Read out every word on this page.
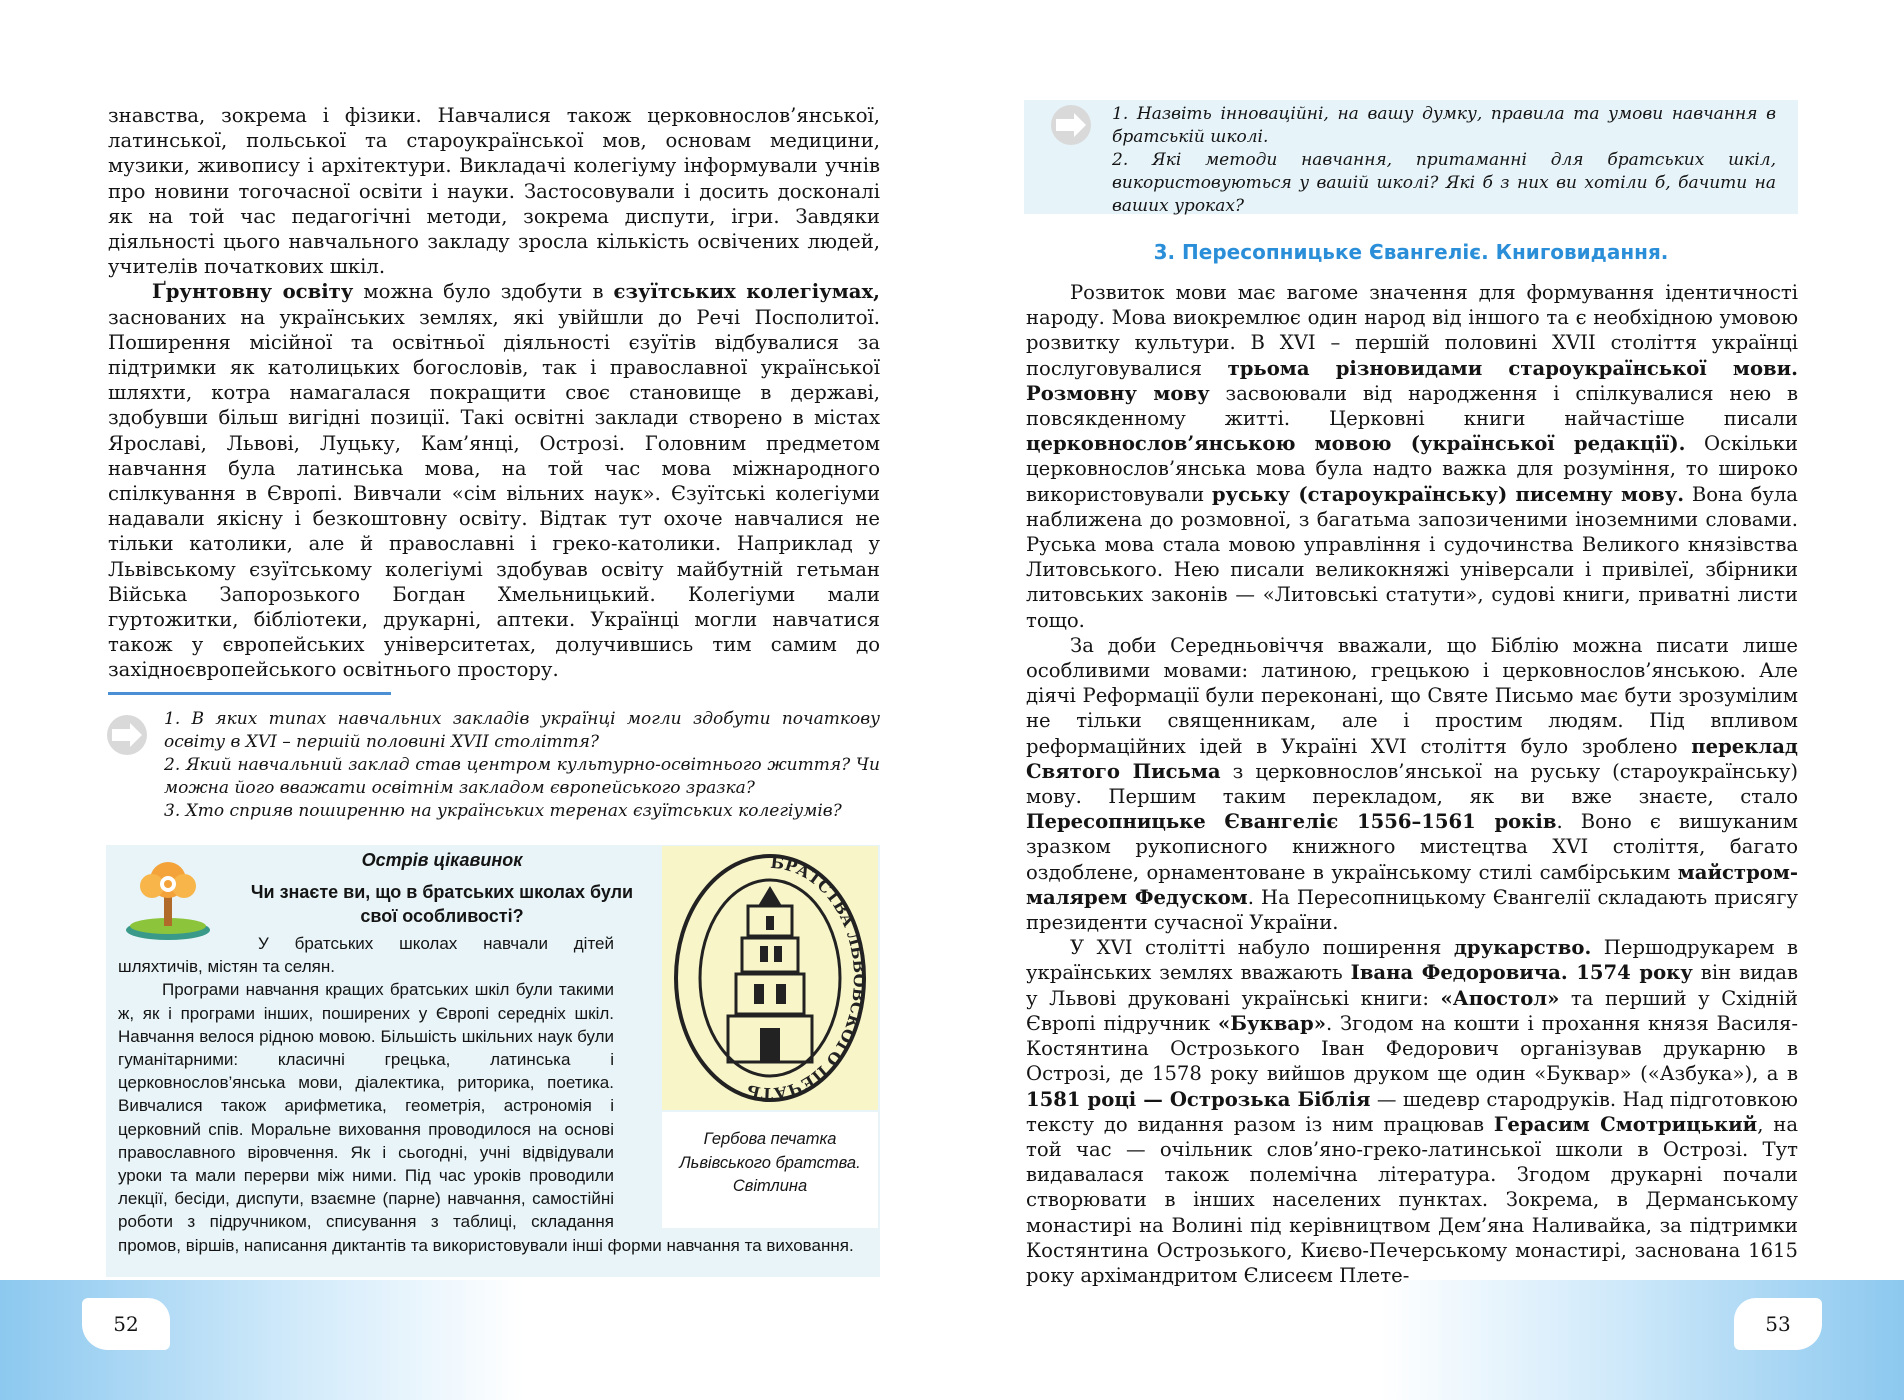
52	53

знавства, зокрема і фізики. Навчалися також церковнослов’янської, латинської, польської та староукраїнської мов, основам медицини, музики, живопису і архітектури. Викладачі колегіуму інформували учнів про новини тогочасної освіти і науки. Застосовували і досить досконалі як на той час педагогічні методи, зокрема диспути, ігри. Завдяки діяльності цього навчального закладу зросла кількість освічених людей, учителів початкових шкіл.

Ґрунтовну освіту можна було здобути в єзуїтських колегіумах, заснованих на українських землях, які увійшли до Речі Посполитої. Поширення місійної та освітньої діяльності єзуїтів відбувалися за підтримки як католицьких богословів, так і православної української шляхти, котра намагалася покращити своє становище в державі, здобувши більш вигідні позиції. Такі освітні заклади створено в містах Ярославі, Львові, Луцьку, Кам’янці, Острозі. Головним предметом навчання була латинська мова, на той час мова міжнародного спілкування в Європі. Вивчали «сім вільних наук». Єзуїтські колегіуми надавали якісну і безкоштовну освіту. Відтак тут охоче навчалися не тільки католики, але й православні і греко-католики. Наприклад у Львівському єзуїтському колегіумі здобував освіту майбутній гетьман Війська Запорозького Богдан Хмельницький. Колегіуми мали гуртожитки, бібліотеки, друкарні, аптеки. Українці могли навчатися також у європейських університетах, долучившись тим самим до західноєвропейського освітнього простору.

1. В яких типах навчальних закладів українці могли здобути початкову освіту в XVI – першій половині XVII століття?

2. Який навчальний заклад став центром культурно-освітнього життя? Чи можна його вважати освітнім закладом європейського зразка?

3. Хто сприяв поширенню на українських теренах єзуїтських колегіумів?

Острів цікавинок
Чи знаєте ви, що в братських школах були свої особливості?
БРАТСТВА ЛЬВОВСКОГО ПЕЧАТЬ
Гербова печатка Львівського братства. Світлина

У братських школах навчали дітей шляхтичів, містян та селян.

Програми навчання кращих братських шкіл були такими ж, як і програми інших, поширених у Європі середніх шкіл. Навчання велося рідною мовою. Більшість шкільних наук були гуманітарними: класичні грецька, латинська і церковнослов’янська мови, діалектика, риторика, поетика. Вивчалися також арифметика, геометрія, астрономія і церковний спів. Моральне виховання проводилося на основі православного віровчення. Як і сьогодні, учні відвідували уроки та мали перерви між ними. Під час уроків проводили лекції, бесіди, диспути, взаємне (парне) навчання, самостійні роботи з підручником, списування з таблиці, складання промов, віршів, написання диктантів та використовували інші форми навчання та виховання.

1. Назвіть інноваційні, на вашу думку, правила та умови навчання в братській школі.

2. Які методи навчання, притаманні для братських шкіл, використовуються у вашій школі? Які б з них ви хотіли б, бачити на ваших уроках?

3. Пересопницьке Євангеліє. Книговидання.

Розвиток мови має вагоме значення для формування ідентичності народу. Мова виокремлює один народ від іншого та є необхідною умовою розвитку культури. В XVI – першій половині XVII століття українці послуговувалися трьома різновидами староукраїнської мови. Розмовну мову засвоювали від народження і спілкувалися нею в повсякденному житті. Церковні книги найчастіше писали церковнослов’янською мовою (української редакції). Оскільки церковнослов’янська мова була надто важка для розуміння, то широко використовували руську (староукраїнську) писемну мову. Вона була наближена до розмовної, з багатьма запозиченими іноземними словами. Руська мова стала мовою управління і судочинства Великого князівства Литовського. Нею писали великокняжі універсали і привілеї, збірники литовських законів — «Литовські статути», судові книги, приватні листи тощо.

За доби Середньовіччя вважали, що Біблію можна писати лише особливими мовами: латиною, грецькою і церковнослов’янською. Але діячі Реформації були переконані, що Святе Письмо має бути зрозумілим не тільки священникам, але і простим людям. Під впливом реформаційних ідей в Україні XVI століття було зроблено переклад Святого Письма з церковнослов’янської на руську (староукраїнську) мову. Першим таким перекладом, як ви вже знаєте, стало Пересопницьке Євангеліє 1556–1561 років. Воно є вишуканим зразком рукописного книжного мистецтва XVI століття, багато оздоблене, орнаментоване в українському стилі самбірським майстром-малярем Федуском. На Пересопницькому Євангелії складають присягу президенти сучасної України.

У XVI столітті набуло поширення друкарство. Першодрукарем в українських землях вважають Івана Федоровича. 1574 року він видав у Львові друковані українські книги: «Апостол» та перший у Східній Європі підручник «Буквар». Згодом на кошти і прохання князя Василя-Костянтина Острозького Іван Федорович організував друкарню в Острозі, де 1578 року вийшов друком ще один «Буквар» («Азбука»), а в 1581 році — Острозька Біблія — шедевр стародруків. Над підготовкою тексту до видання разом із ним працював Герасим Смотрицький, на той час — очільник слов’яно-греко-латинської школи в Острозі. Тут видавалася також полемічна література. Згодом друкарні почали створювати в інших населених пунктах. Зокрема, в Дерманському монастирі на Волині під керівництвом Дем’яна Наливайка, за підтримки Костянтина Острозького, Києво-Печерському монастирі, заснована 1615 року архімандритом Єлисеєм Плете-
